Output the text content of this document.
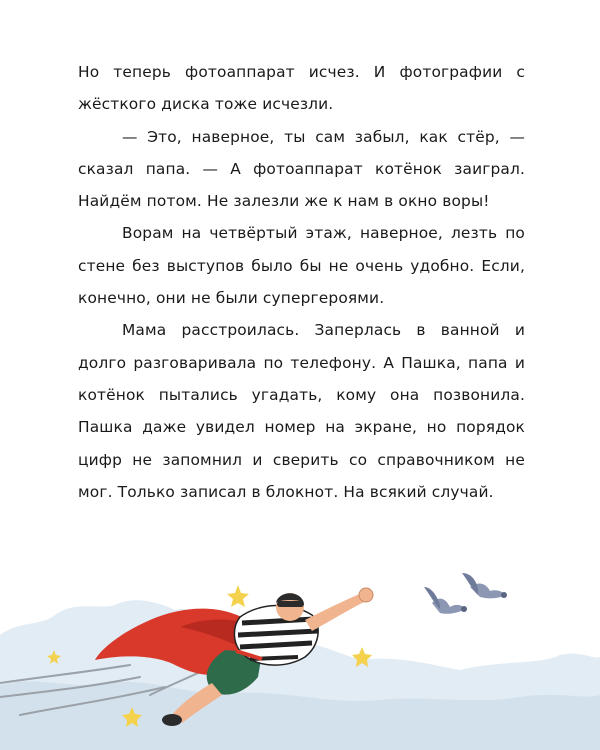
Но теперь фотоаппарат исчез. И фотографии с жёсткого диска тоже исчезли.

— Это, наверное, ты сам забыл, как стёр, — сказал папа. — А фотоаппарат котёнок заиграл. Найдём потом. Не залезли же к нам в окно воры!

Ворам на четвёртый этаж, наверное, лезть по стене без выступов было бы не очень удобно. Если, конечно, они не были супергероями.

Мама расстроилась. Заперлась в ванной и долго разговаривала по телефону. А Пашка, папа и котёнок пытались угадать, кому она позвонила. Пашка даже увидел номер на экране, но порядок цифр не запомнил и сверить со справочником не мог. Только записал в блокнот. На всякий случай.
